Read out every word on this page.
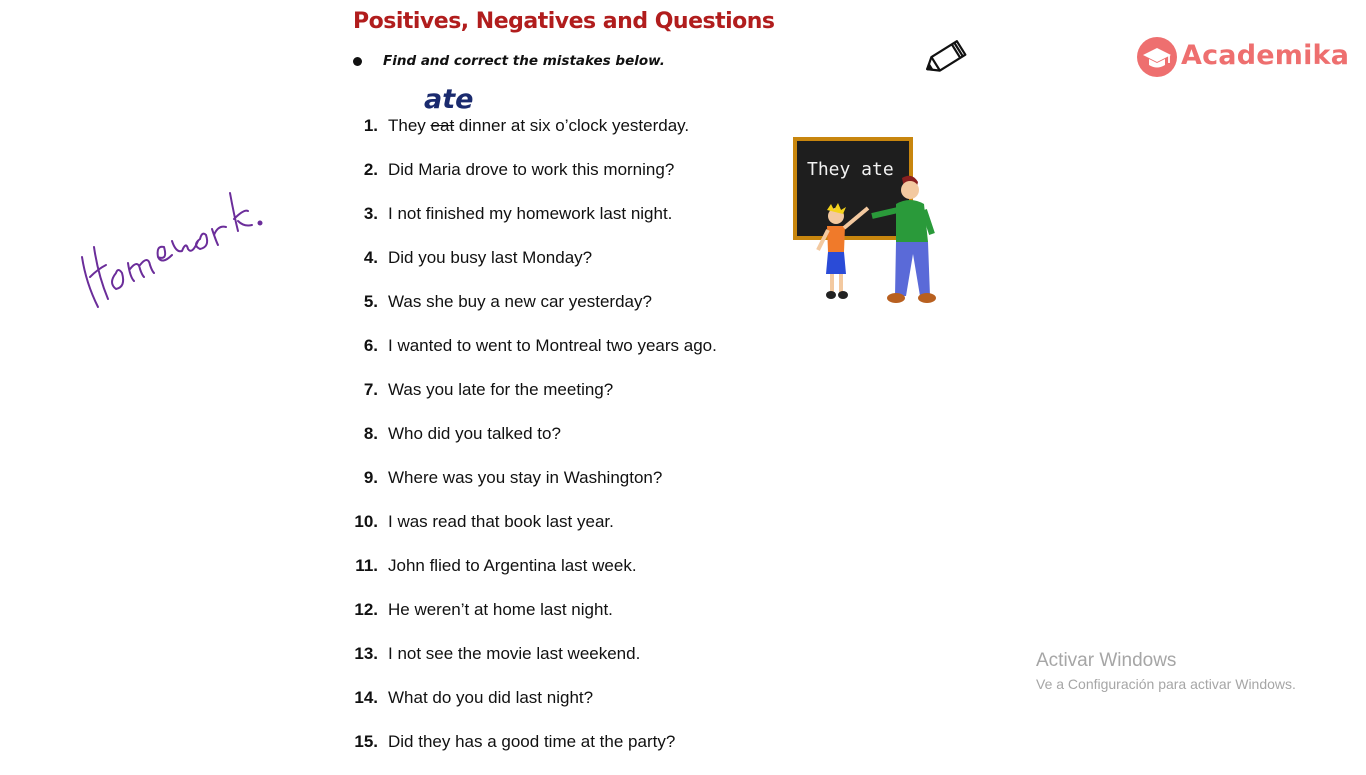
Positives, Negatives and Questions
Find and correct the mistakes below.
ate
1. They eat dinner at six o’clock yesterday.
2. Did Maria drove to work this morning?
3. I not finished my homework last night.
4. Did you busy last Monday?
5. Was she buy a new car yesterday?
6. I wanted to went to Montreal two years ago.
7. Was you late for the meeting?
8. Who did you talked to?
9. Where was you stay in Washington?
10. I was read that book last year.
11. John flied to Argentina last week.
12. He weren’t at home last night.
13. I not see the movie last weekend.
14. What do you did last night?
15. Did they has a good time at the party?
Academika
They ate
Activar Windows
Ve a Configuración para activar Windows.
